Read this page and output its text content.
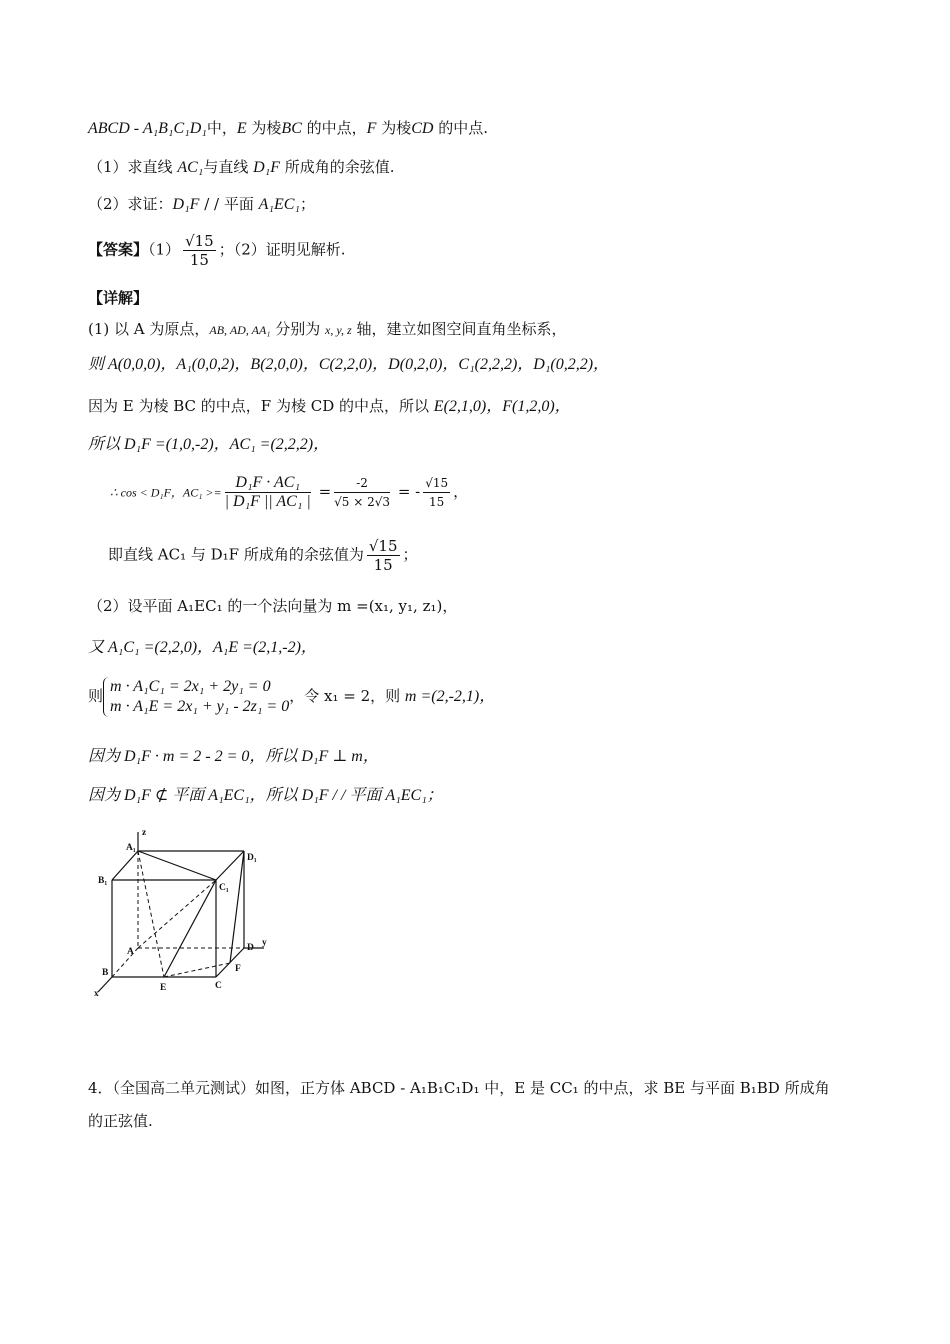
ABCD - A₁B₁C₁D₁中，E 为棱BC 的中点，F 为棱CD 的中点.
（1）求直线 AC₁与直线 D₁F 所成角的余弦值.
（2）求证：D₁F / / 平面 A₁EC₁；
【答案】$(1) \frac{√15}{15}$ ；（2）证明见解析.
【详解】
(1) 以 A 为原点，AB, AD, AA₁ 分别为 x, y, z 轴，建立如图空间直角坐标系，
则 A(0,0,0)，A₁(0,0,2)，B(2,0,0)，C(2,2,0)，D(0,2,0)，C₁(2,2,2)，D₁(0,2,2)，
因为 E 为棱 BC 的中点，F 为棱 CD 的中点，所以 E(2,1,0)，F(1,2,0)，
所以 D₁F =(1,0,-2)，AC₁ =(2,2,2)，
∴ cos < D₁F，$AC_1 >= \frac{\text{D₁F · AC₁}}{\text{| D₁F || AC₁ |}} = \frac{-2}{√5 \times 2√3}$ = - $\frac{√15}{15}$ ，
即直线 AC₁ 与 D₁F 所成角的余弦值为 $\frac{√15}{15}$ ；
（2）设平面 A₁EC₁ 的一个法向量为 m =(x₁, y₁, z₁)，
又 A₁C₁ =(2,2,0)，A₁E =(2,1,-2)，
则
m · A₁C₁ = 2x₁ + 2y₁ = 0
m · A₁E = 2x₁ + y₁ - 2z₁ = 0
，令 x₁ = 2，则 m =(2,-2,1)，
因为 D₁F · m = 2 - 2 = 0，所以 D₁F ⊥ m，
因为 D₁F ⊄ 平面 A₁EC₁，所以 D₁F / / 平面 A₁EC₁；
z
A₁
D₁
B₁
C₁
A	D y
B
x
E	C
F
4．（全国高二单元测试）如图，正方体 ABCD - A₁B₁C₁D₁ 中，E 是 CC₁ 的中点，求 BE 与平面 B₁BD 所成角
的正弦值.
